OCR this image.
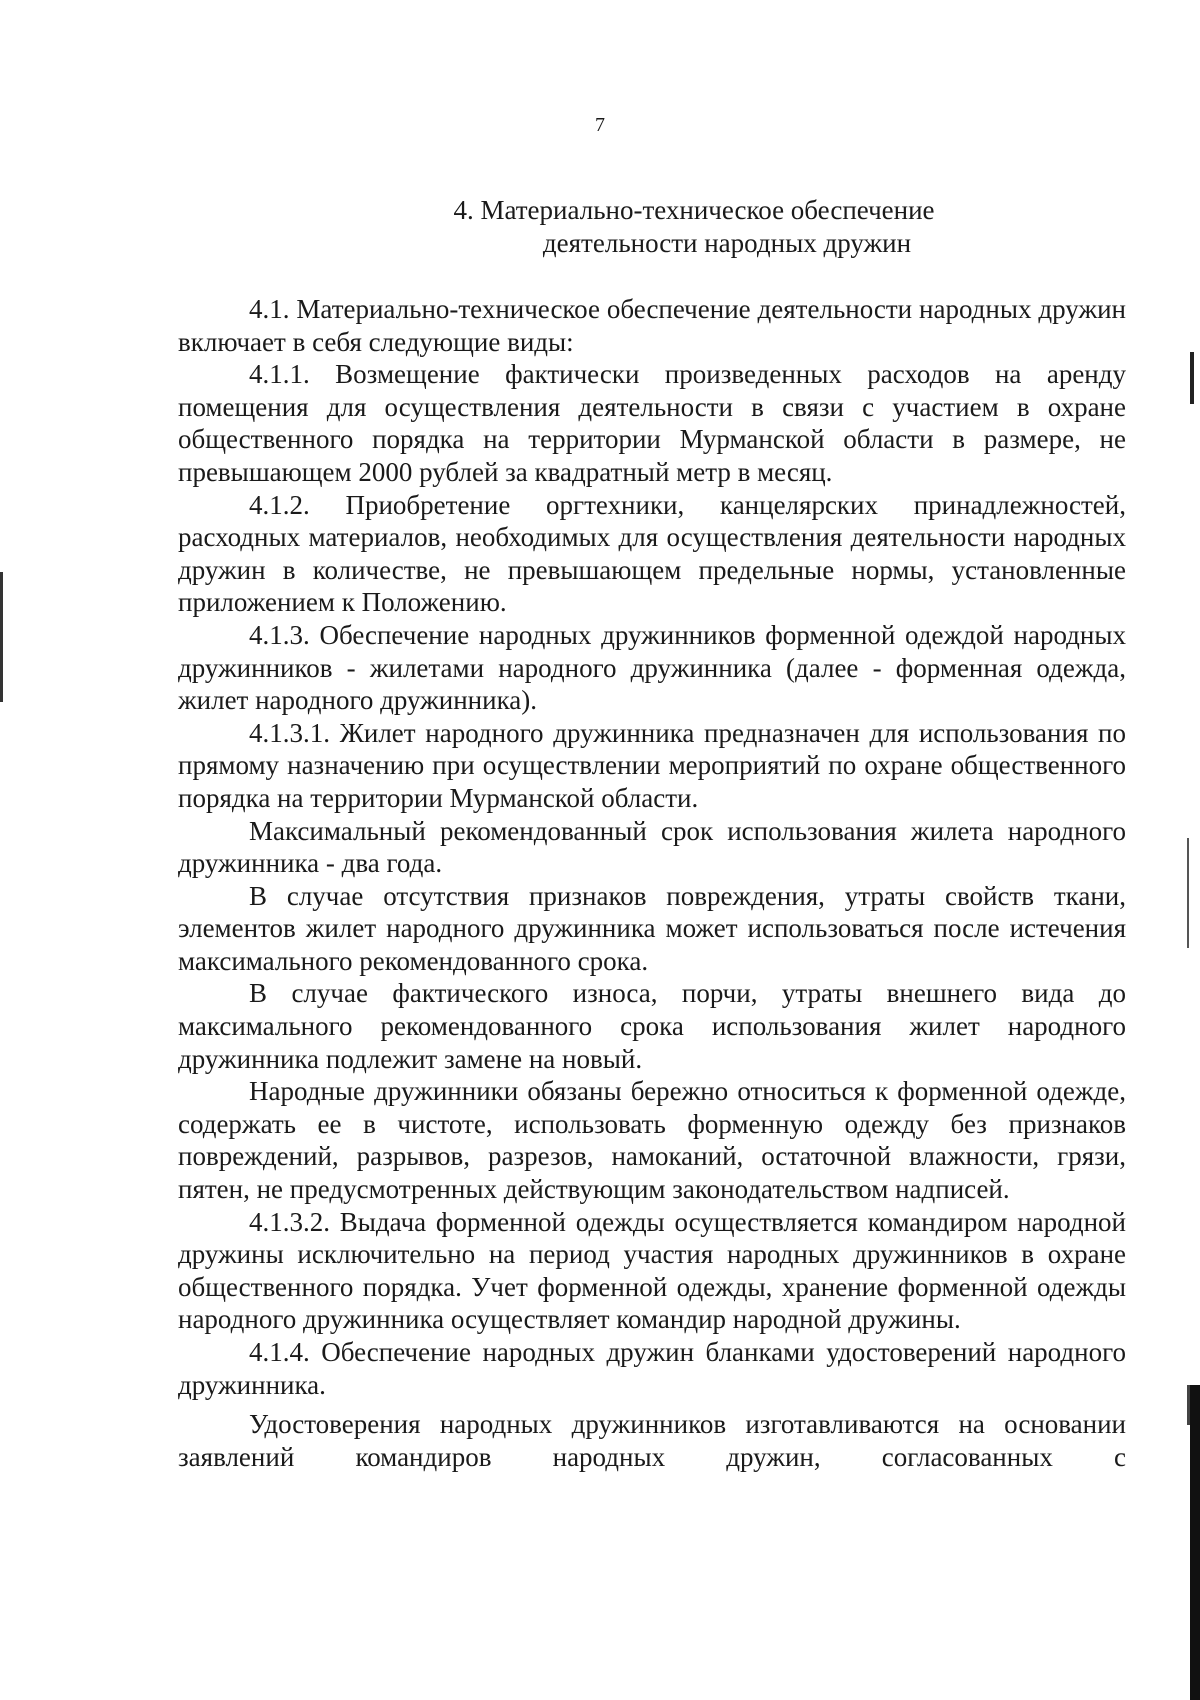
7
4. Материально-техническое обеспечение
деятельности народных дружин

4.1. Материально-техническое обеспечение деятельности народных дружин включает в себя следующие виды:

4.1.1. Возмещение фактически произведенных расходов на аренду помещения для осуществления деятельности в связи с участием в охране общественного порядка на территории Мурманской области в размере, не превышающем 2000 рублей за квадратный метр в месяц.

4.1.2. Приобретение оргтехники, канцелярских принадлежностей, расходных материалов, необходимых для осуществления деятельности народных дружин в количестве, не превышающем предельные нормы, установленные приложением к Положению.

4.1.3. Обеспечение народных дружинников форменной одеждой народных дружинников - жилетами народного дружинника (далее - форменная одежда, жилет народного дружинника).

4.1.3.1. Жилет народного дружинника предназначен для использования по прямому назначению при осуществлении мероприятий по охране общественного порядка на территории Мурманской области.

Максимальный рекомендованный срок использования жилета народного дружинника - два года.

В случае отсутствия признаков повреждения, утраты свойств ткани, элементов жилет народного дружинника может использоваться после истечения максимального рекомендованного срока.

В случае фактического износа, порчи, утраты внешнего вида до максимального рекомендованного срока использования жилет народного дружинника подлежит замене на новый.

Народные дружинники обязаны бережно относиться к форменной одежде, содержать ее в чистоте, использовать форменную одежду без признаков повреждений, разрывов, разрезов, намоканий, остаточной влажности, грязи, пятен, не предусмотренных действующим законодательством надписей.

4.1.3.2. Выдача форменной одежды осуществляется командиром народной дружины исключительно на период участия народных дружинников в охране общественного порядка. Учет форменной одежды, хранение форменной одежды народного дружинника осуществляет командир народной дружины.

4.1.4. Обеспечение народных дружин бланками удостоверений народного дружинника.

Удостоверения народных дружинников изготавливаются на основании заявлений командиров народных дружин, согласованных с
